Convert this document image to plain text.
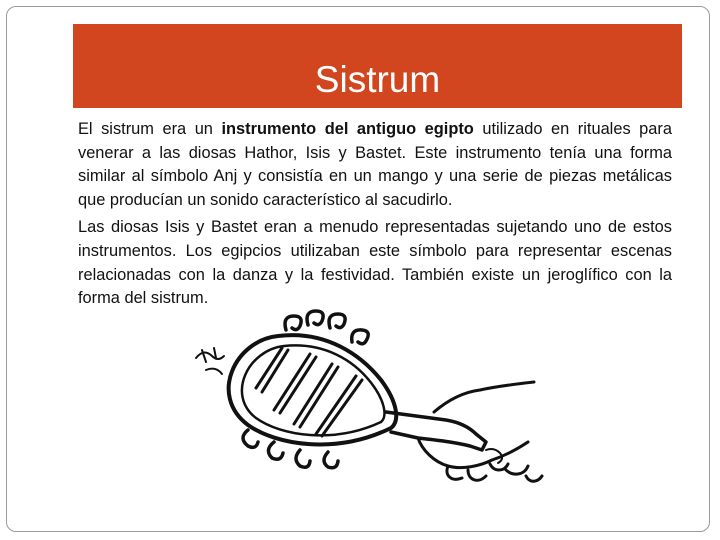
Sistrum

El sistrum era un instrumento del antiguo egipto utilizado en rituales para venerar a las diosas Hathor, Isis y Bastet. Este instrumento tenía una forma similar al símbolo Anj y consistía en un mango y una serie de piezas metálicas que producían un sonido característico al sacudirlo.

Las diosas Isis y Bastet eran a menudo representadas sujetando uno de estos instrumentos. Los egipcios utilizaban este símbolo para representar escenas relacionadas con la danza y la festividad. También existe un jeroglífico con la forma del sistrum.
